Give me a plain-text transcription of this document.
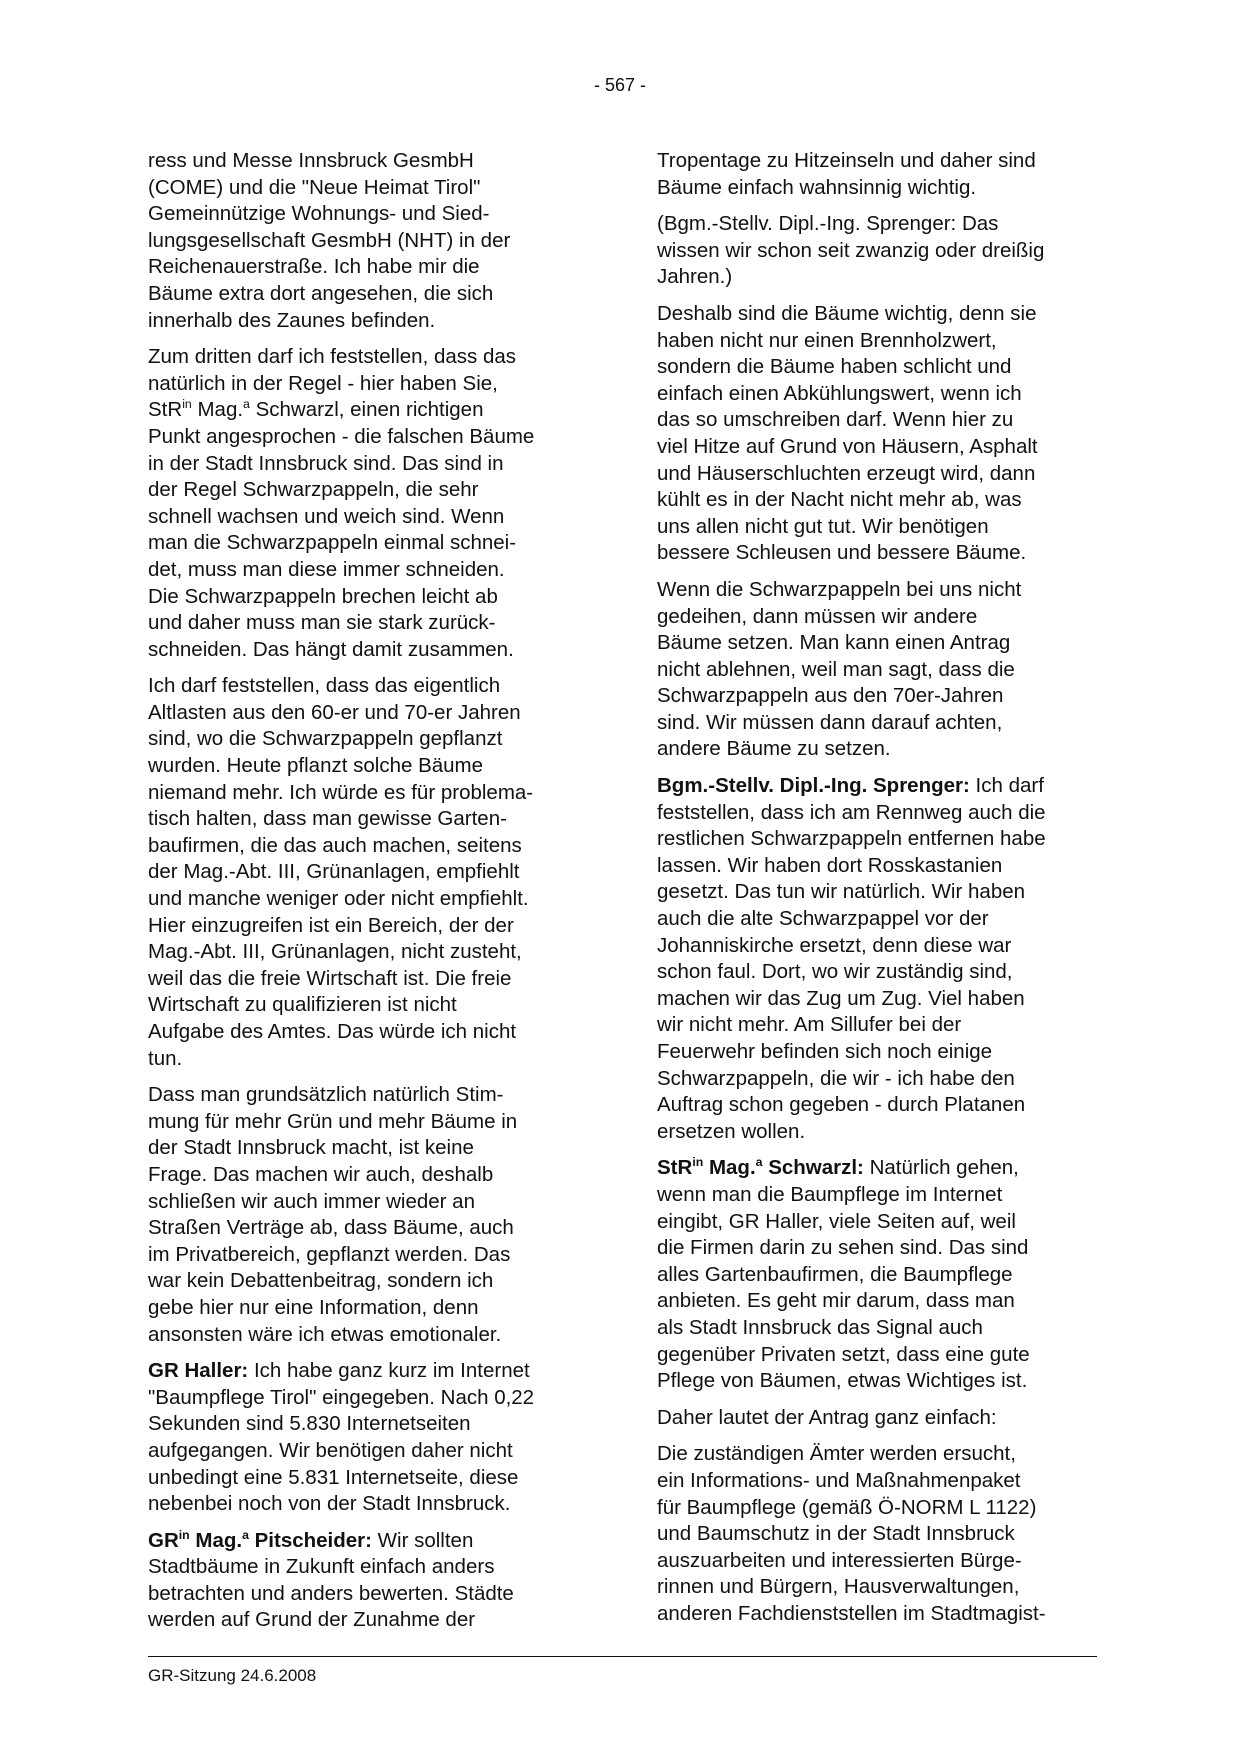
- 567 -

ress und Messe Innsbruck GesmbH
(COME) und die "Neue Heimat Tirol"
Gemeinnützige Wohnungs- und Sied-
lungsgesellschaft GesmbH (NHT) in der
Reichenauerstraße. Ich habe mir die
Bäume extra dort angesehen, die sich
innerhalb des Zaunes befinden.

Zum dritten darf ich feststellen, dass das
natürlich in der Regel - hier haben Sie,
StR$^{in}$ Mag.$^a$ Schwarzl, einen richtigen
Punkt angesprochen - die falschen Bäume
in der Stadt Innsbruck sind. Das sind in
der Regel Schwarzpappeln, die sehr
schnell wachsen und weich sind. Wenn
man die Schwarzpappeln einmal schnei-
det, muss man diese immer schneiden.
Die Schwarzpappeln brechen leicht ab
und daher muss man sie stark zurück-
schneiden. Das hängt damit zusammen.

Ich darf feststellen, dass das eigentlich
Altlasten aus den 60-er und 70-er Jahren
sind, wo die Schwarzpappeln gepflanzt
wurden. Heute pflanzt solche Bäume
niemand mehr. Ich würde es für problema-
tisch halten, dass man gewisse Garten-
baufirmen, die das auch machen, seitens
der Mag.-Abt. III, Grünanlagen, empfiehlt
und manche weniger oder nicht empfiehlt.
Hier einzugreifen ist ein Bereich, der der
Mag.-Abt. III, Grünanlagen, nicht zusteht,
weil das die freie Wirtschaft ist. Die freie
Wirtschaft zu qualifizieren ist nicht
Aufgabe des Amtes. Das würde ich nicht
tun.

Dass man grundsätzlich natürlich Stim-
mung für mehr Grün und mehr Bäume in
der Stadt Innsbruck macht, ist keine
Frage. Das machen wir auch, deshalb
schließen wir auch immer wieder an
Straßen Verträge ab, dass Bäume, auch
im Privatbereich, gepflanzt werden. Das
war kein Debattenbeitrag, sondern ich
gebe hier nur eine Information, denn
ansonsten wäre ich etwas emotionaler.

GR Haller: Ich habe ganz kurz im Internet
"Baumpflege Tirol" eingegeben. Nach 0,22
Sekunden sind 5.830 Internetseiten
aufgegangen. Wir benötigen daher nicht
unbedingt eine 5.831 Internetseite, diese
nebenbei noch von der Stadt Innsbruck.

$GR^{in}$ Mag.$^a$ Pitscheider: Wir sollten
Stadtbäume in Zukunft einfach anders
betrachten und anders bewerten. Städte
werden auf Grund der Zunahme der

Tropentage zu Hitzeinseln und daher sind
Bäume einfach wahnsinnig wichtig.

(Bgm.-Stellv. Dipl.-Ing. Sprenger: Das
wissen wir schon seit zwanzig oder dreißig
Jahren.)

Deshalb sind die Bäume wichtig, denn sie
haben nicht nur einen Brennholzwert,
sondern die Bäume haben schlicht und
einfach einen Abkühlungswert, wenn ich
das so umschreiben darf. Wenn hier zu
viel Hitze auf Grund von Häusern, Asphalt
und Häuserschluchten erzeugt wird, dann
kühlt es in der Nacht nicht mehr ab, was
uns allen nicht gut tut. Wir benötigen
bessere Schleusen und bessere Bäume.

Wenn die Schwarzpappeln bei uns nicht
gedeihen, dann müssen wir andere
Bäume setzen. Man kann einen Antrag
nicht ablehnen, weil man sagt, dass die
Schwarzpappeln aus den 70er-Jahren
sind. Wir müssen dann darauf achten,
andere Bäume zu setzen.

Bgm.-Stellv. Dipl.-Ing. Sprenger: Ich darf
feststellen, dass ich am Rennweg auch die
restlichen Schwarzpappeln entfernen habe
lassen. Wir haben dort Rosskastanien
gesetzt. Das tun wir natürlich. Wir haben
auch die alte Schwarzpappel vor der
Johanniskirche ersetzt, denn diese war
schon faul. Dort, wo wir zuständig sind,
machen wir das Zug um Zug. Viel haben
wir nicht mehr. Am Sillufer bei der
Feuerwehr befinden sich noch einige
Schwarzpappeln, die wir - ich habe den
Auftrag schon gegeben - durch Platanen
ersetzen wollen.

StR$^{in}$ Mag.$^a$ Schwarzl: Natürlich gehen,
wenn man die Baumpflege im Internet
eingibt, GR Haller, viele Seiten auf, weil
die Firmen darin zu sehen sind. Das sind
alles Gartenbaufirmen, die Baumpflege
anbieten. Es geht mir darum, dass man
als Stadt Innsbruck das Signal auch
gegenüber Privaten setzt, dass eine gute
Pflege von Bäumen, etwas Wichtiges ist.

Daher lautet der Antrag ganz einfach:

Die zuständigen Ämter werden ersucht,
ein Informations- und Maßnahmenpaket
für Baumpflege (gemäß Ö-NORM L 1122)
und Baumschutz in der Stadt Innsbruck
auszuarbeiten und interessierten Bürge-
rinnen und Bürgern, Hausverwaltungen,
anderen Fachdienststellen im Stadtmagist-

GR-Sitzung 24.6.2008
